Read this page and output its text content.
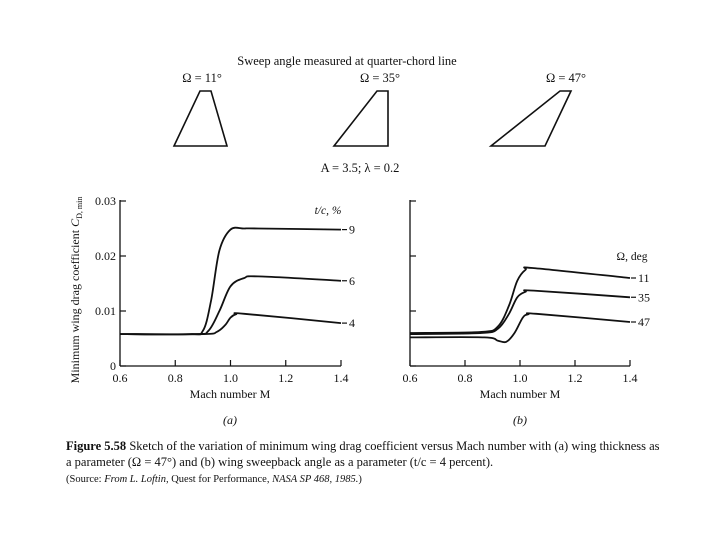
Sweep angle measured at quarter-chord line
Ω = 11°	Ω = 35°	Ω = 47°
A = 3.5; λ = 0.2
Minimum wing drag coefficient $C_{D, min}$
0.6	0.8	1.0	1.2	1.4
0
0.01
0.02
0.03
Mach number M
t/c, %
9
6
4
(a)
0.6	0.8	1.0	1.2	1.4
Mach number M
Ω, deg
11
35
47
(b)
Figure 5.58 Sketch of the variation of minimum wing drag coefficient versus Mach number with (a) wing thickness as a parameter (Ω = 47°) and (b) wing sweepback angle as a parameter (t/c = 4 percent).
(Source: From L. Loftin, Quest for Performance, NASA SP 468, 1985.)
